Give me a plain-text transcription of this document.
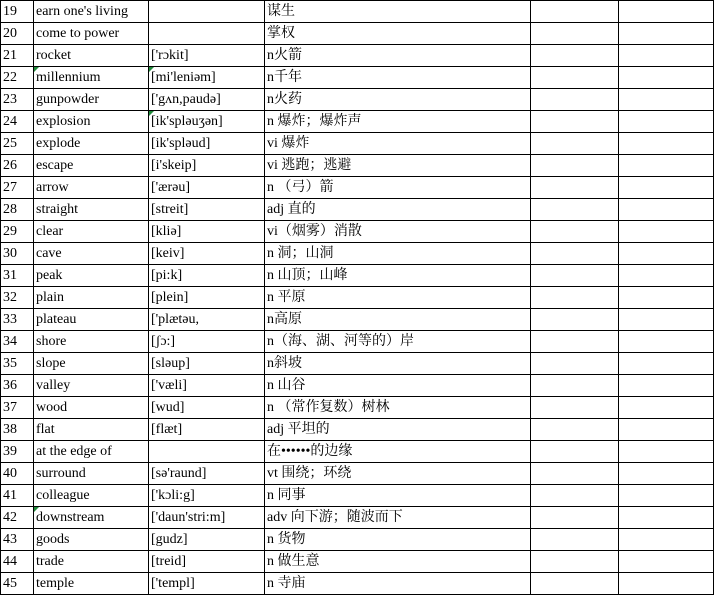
19	earn one's living		谋生		
20	come to power		掌权		
21	rocket	['rɔkit]	n火箭		
22	millennium	[mi'leniəm]	n千年		
23	gunpowder	['gʌn,paudə]	n火药		
24	explosion	[ik'spləuʒən]	n 爆炸；爆炸声		
25	explode	[ik'spləud]	vi 爆炸		
26	escape	[i'skeip]	vi 逃跑；逃避		
27	arrow	['ærəu]	n （弓）箭		
28	straight	[streit]	adj 直的		
29	clear	[kliə]	vi（烟雾）消散		
30	cave	[keiv]	n 洞；山洞		
31	peak	[pi:k]	n 山顶；山峰		
32	plain	[plein]	n 平原		
33	plateau	['plætəu,	n高原		
34	shore	[ʃɔ:]	n（海、湖、河等的）岸		
35	slope	[sləup]	n斜坡		
36	valley	['væli]	n 山谷		
37	wood	[wud]	n （常作复数）树林		
38	flat	[flæt]	adj 平坦的		
39	at the edge of		在••••••的边缘		
40	surround	[sə'raund]	vt 围绕；环绕		
41	colleague	['kɔli:g]	n 同事		
42	downstream	['daun'stri:m]	adv 向下游；随波而下		
43	goods	[gudz]	n 货物		
44	trade	[treid]	n 做生意		
45	temple	['templ]	n 寺庙		
